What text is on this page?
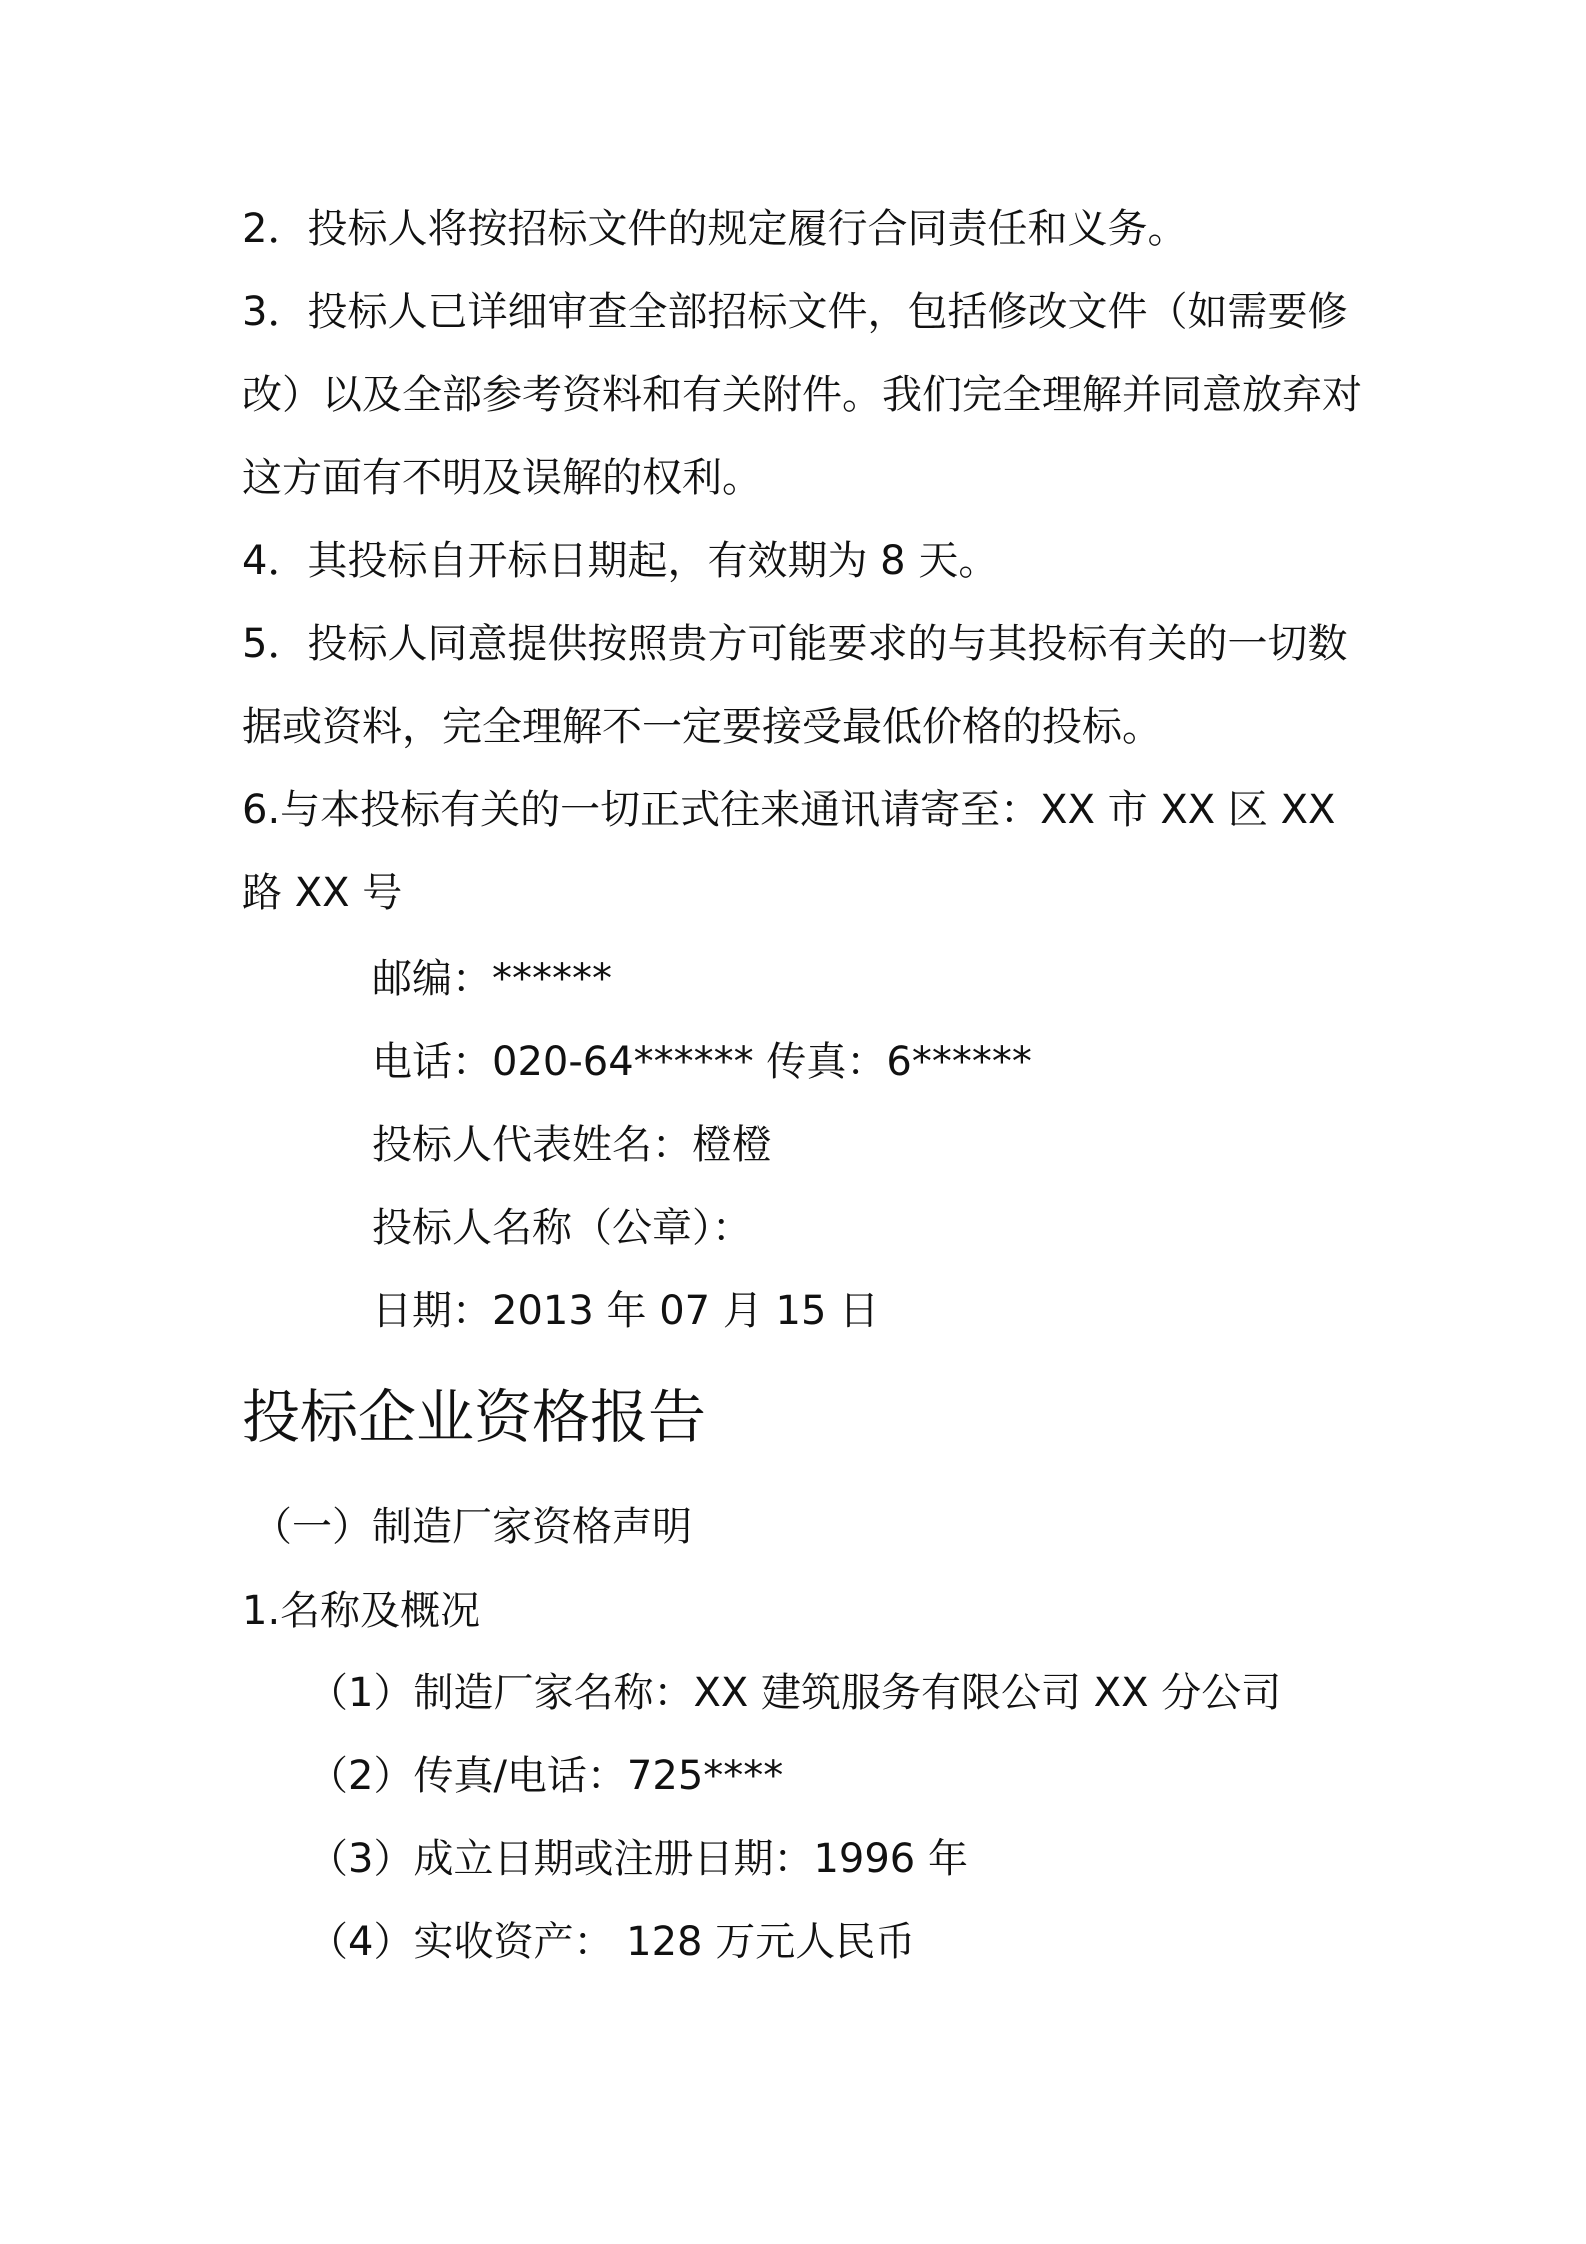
2．投标人将按招标文件的规定履行合同责任和义务。

3．投标人已详细审查全部招标文件，包括修改文件（如需要修改）以及全部参考资料和有关附件。我们完全理解并同意放弃对这方面有不明及误解的权利。

4．其投标自开标日期起，有效期为 8 天。

5．投标人同意提供按照贵方可能要求的与其投标有关的一切数据或资料，完全理解不一定要接受最低价格的投标。

6.与本投标有关的一切正式往来通讯请寄至：XX 市 XX 区 XX 路 XX 号

邮编：******

电话：020-64****** 传真：6******

投标人代表姓名：橙橙

投标人名称（公章）：

日期：2013 年 07 月 15 日

投标企业资格报告

（一）制造厂家资格声明

1.名称及概况

（1）制造厂家名称：XX 建筑服务有限公司 XX 分公司

（2）传真/电话：725****

（3）成立日期或注册日期：1996 年

（4）实收资产： 128 万元人民币
